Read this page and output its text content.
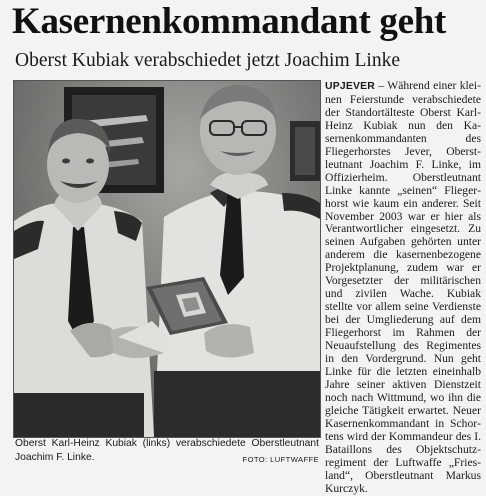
Kasernenkommandant geht
Oberst Kubiak verabschiedet jetzt Joachim Linke
Oberst Karl-Heinz Kubiak (links) verabschiedete Oberstleutnant Joachim F. Linke.	FOTO: LUFTWAFFE

UPJEVER – Während einer kleinen Feierstunde verabschiedete der Standortälteste Oberst Karl-Heinz Kubiak nun den Kasernenkommandanten des Fliegerhorstes Jever, Oberstleutnant Joachim F. Linke, im Offizierheim. Oberstleutnant Linke kannte „seinen“ Fliegerhorst wie kaum ein anderer. Seit November 2003 war er hier als Verantwortlicher eingesetzt. Zu seinen Aufgaben gehörten unter anderem die kasernenbezogene Projektplanung, zudem war er Vorgesetzter der militärischen und zivilen Wache. Kubiak stellte vor allem seine Verdienste bei der Umgliederung auf dem Fliegerhorst im Rahmen der Neuaufstellung des Regimentes in den Vordergrund. Nun geht Linke für die letzten eineinhalb Jahre seiner aktiven Dienstzeit noch nach Wittmund, wo ihn die gleiche Tätigkeit erwartet. Neuer Kasernenkommandant in Schortens wird der Kommandeur des I. Bataillons des Objektschutzregiment der Luftwaffe „Friesland“, Oberstleutnant Markus Kurczyk.
